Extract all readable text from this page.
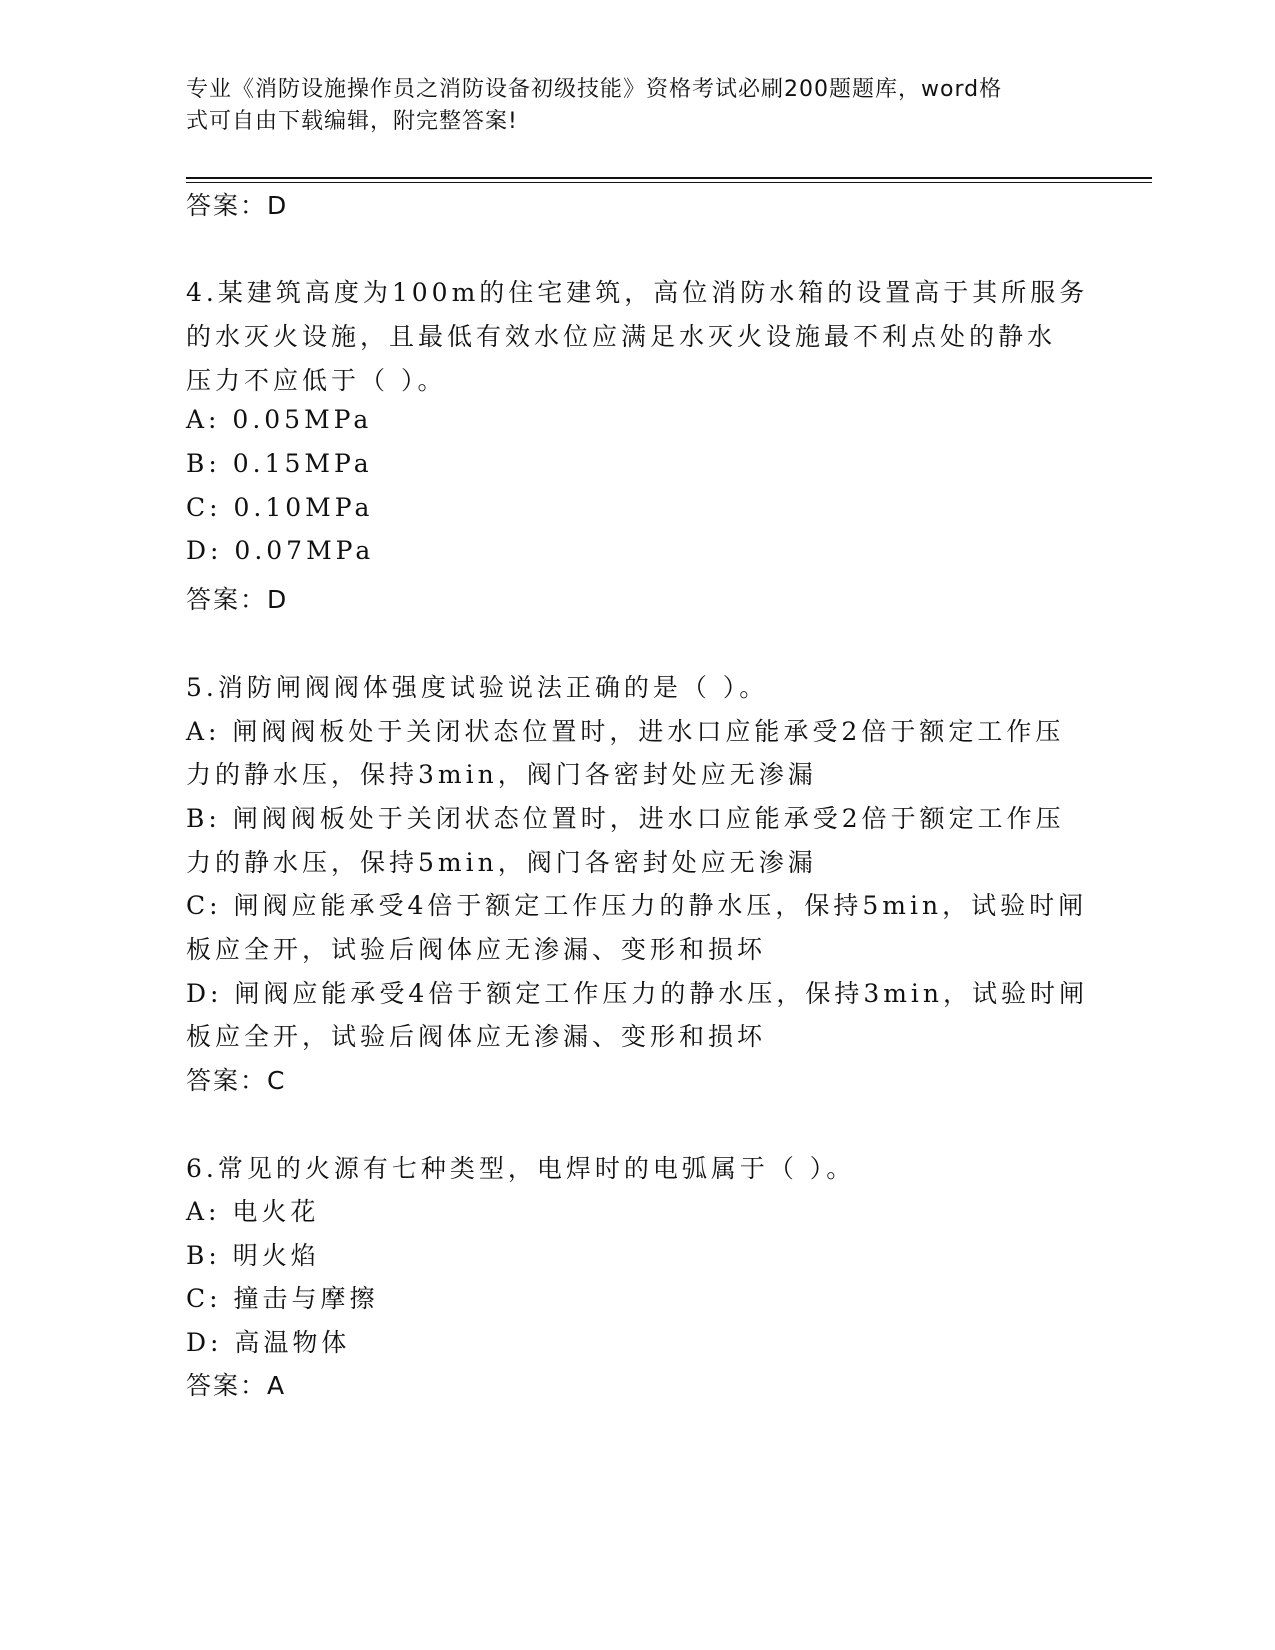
专业《消防设施操作员之消防设备初级技能》资格考试必刷200题题库，word格
式可自由下载编辑，附完整答案!
答案：D
4.某建筑高度为100m的住宅建筑，高位消防水箱的设置高于其所服务
的水灭火设施，且最低有效水位应满足水灭火设施最不利点处的静水
压力不应低于（ ）。
A: 0.05MPa
B: 0.15MPa
C: 0.10MPa
D: 0.07MPa
答案：D
5.消防闸阀阀体强度试验说法正确的是（ ）。
A: 闸阀阀板处于关闭状态位置时，进水口应能承受2倍于额定工作压
力的静水压，保持3min，阀门各密封处应无渗漏
B: 闸阀阀板处于关闭状态位置时，进水口应能承受2倍于额定工作压
力的静水压，保持5min，阀门各密封处应无渗漏
C: 闸阀应能承受4倍于额定工作压力的静水压，保持5min，试验时闸
板应全开，试验后阀体应无渗漏、变形和损坏
D: 闸阀应能承受4倍于额定工作压力的静水压，保持3min，试验时闸
板应全开，试验后阀体应无渗漏、变形和损坏
答案：C
6.常见的火源有七种类型，电焊时的电弧属于（ ）。
A: 电火花
B: 明火焰
C: 撞击与摩擦
D: 高温物体
答案：A
